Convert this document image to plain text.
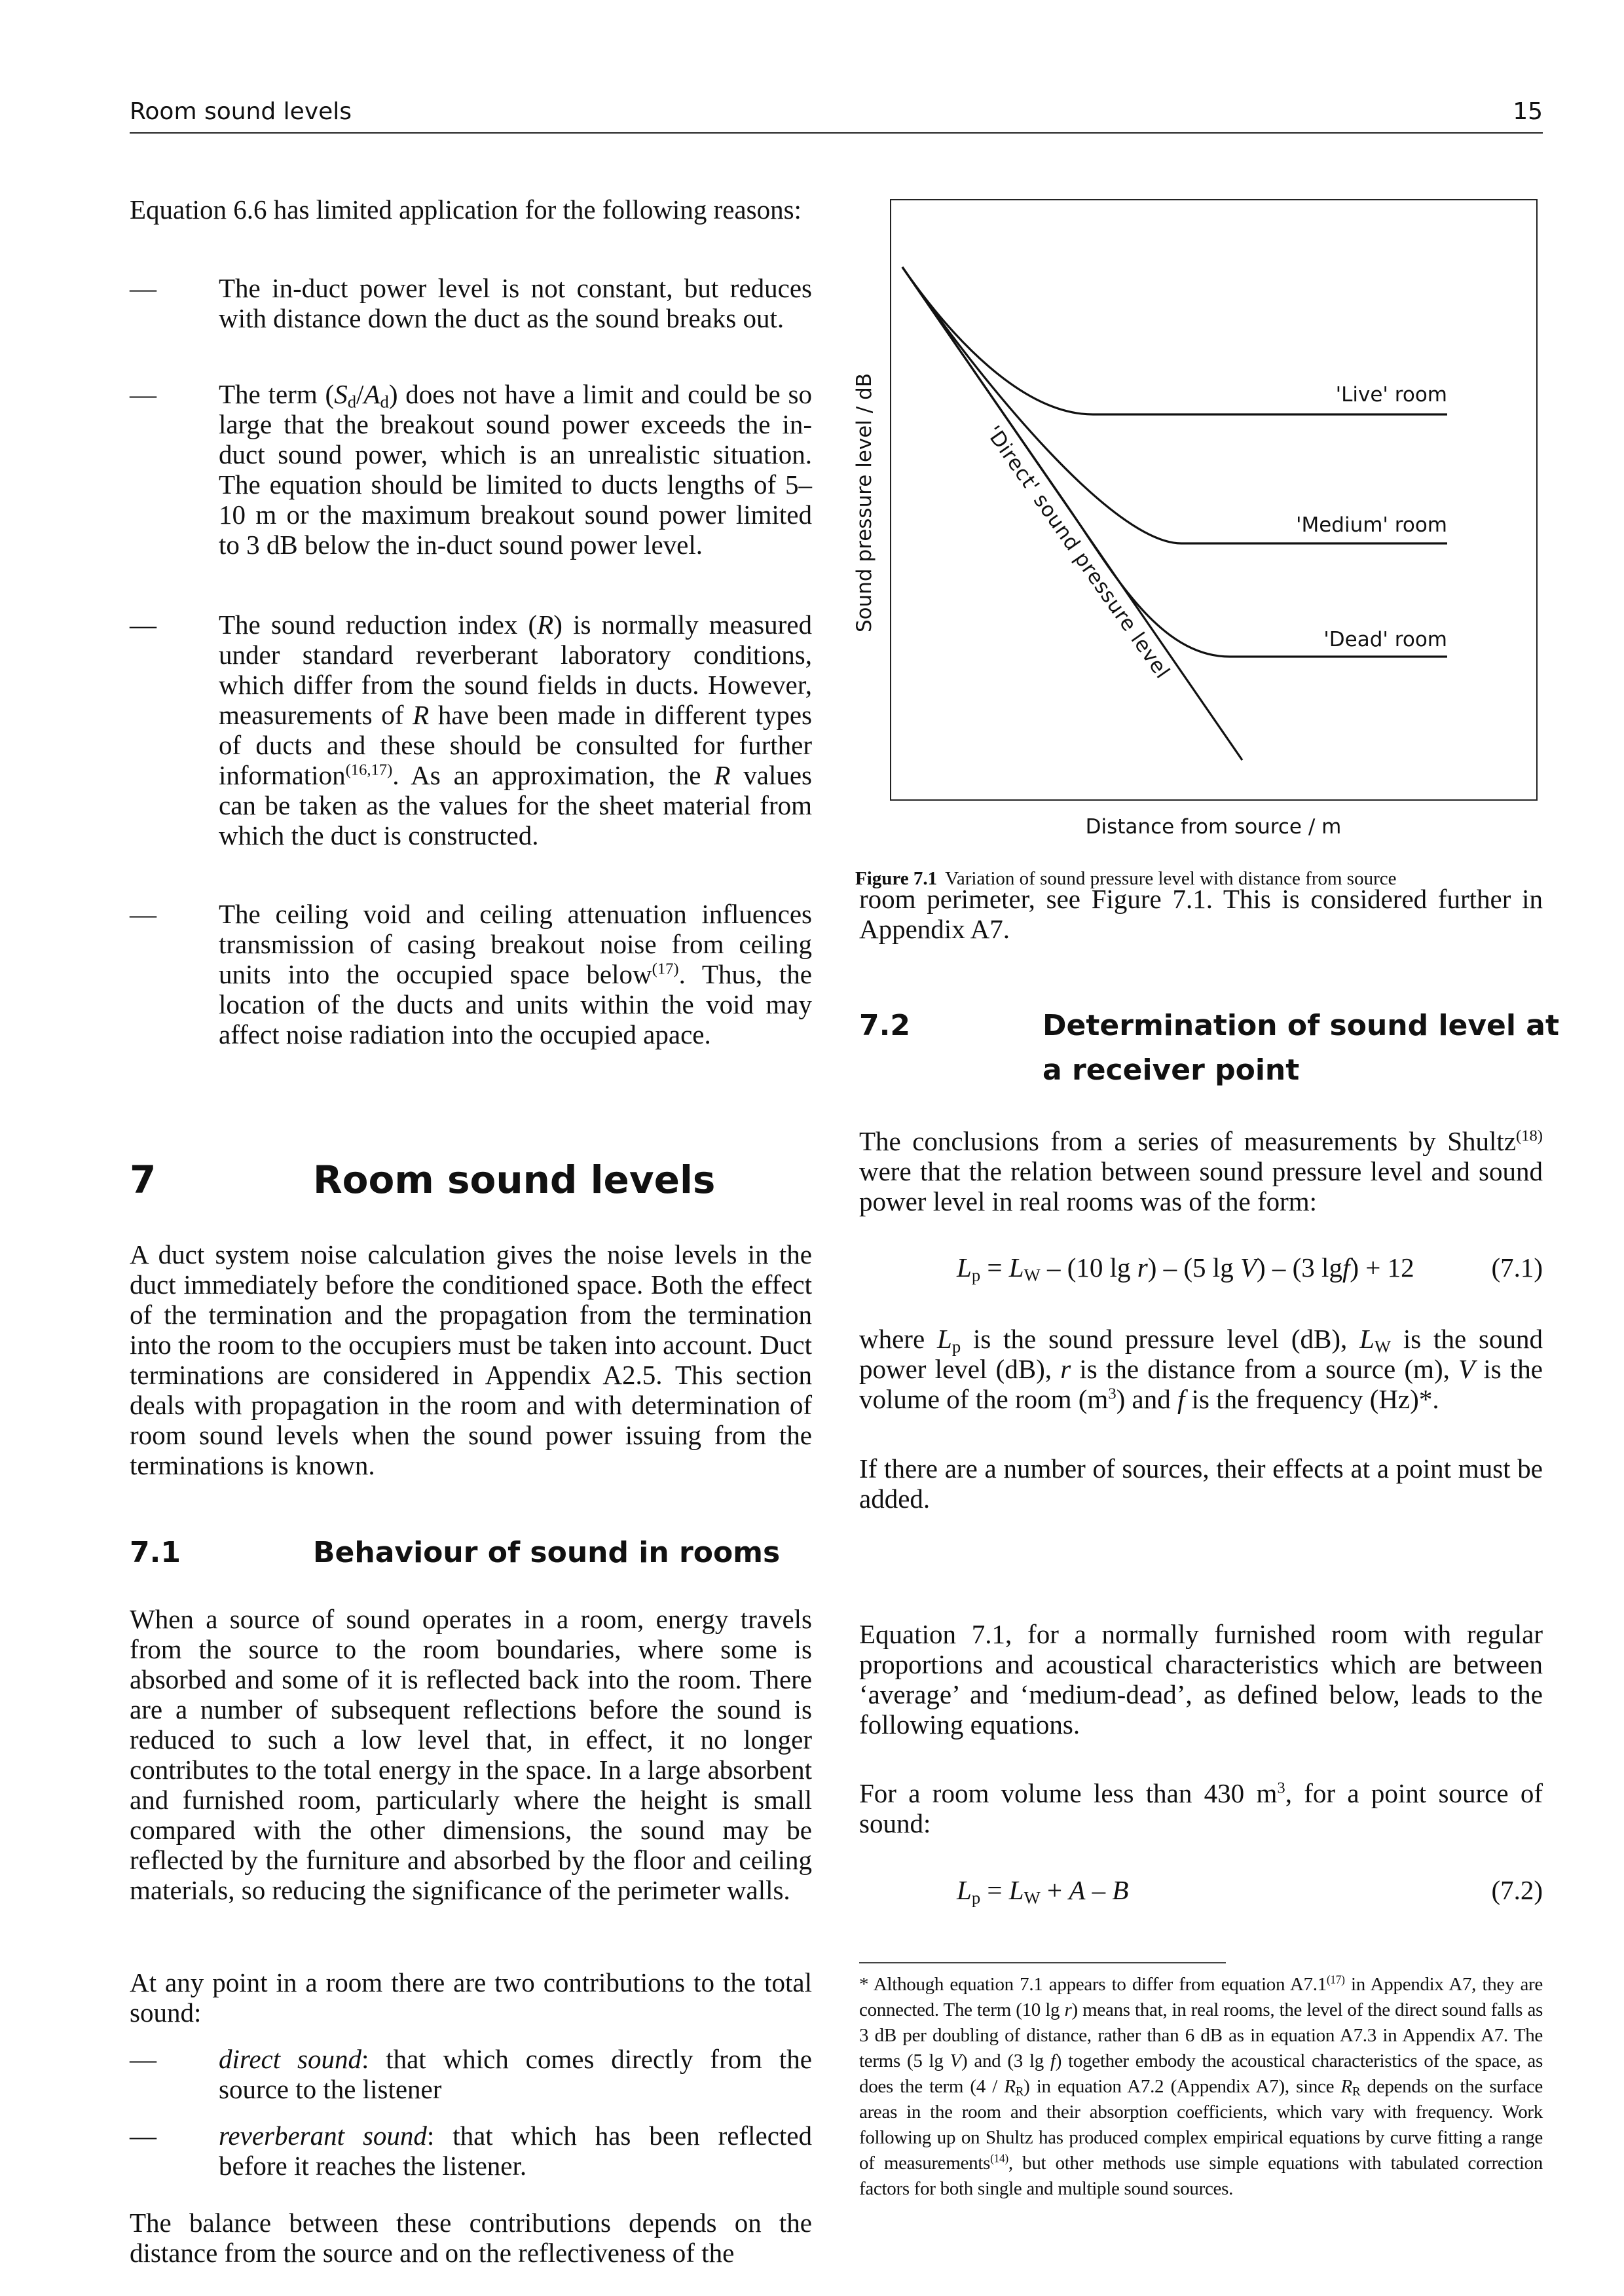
Room sound levels	15
Equation 6.6 has limited application for the following reasons:
— The in-duct power level is not constant, but reduces with distance down the duct as the sound breaks out.
— The term $(S_d/A_d)$ does not have a limit and could be so large that the breakout sound power exceeds the in-duct sound power, which is an unrealistic situation. The equation should be limited to ducts lengths of 5–10 m or the maximum breakout sound power limited to 3 dB below the in-duct sound power level.
— The sound reduction index (R) is normally measured under standard reverberant laboratory conditions, which differ from the sound fields in ducts. However, measurements of R have been made in different types of ducts and these should be consulted for further information$^{(16,17)}$. As an approximation, the R values can be taken as the values for the sheet material from which the duct is constructed.
— The ceiling void and ceiling attenuation influences transmission of casing breakout noise from ceiling units into the occupied space below$^{(17)}$. Thus, the location of the ducts and units within the void may affect noise radiation into the occupied apace.
7	Room sound levels
A duct system noise calculation gives the noise levels in the duct immediately before the conditioned space. Both the effect of the termination and the propagation from the termination into the room to the occupiers must be taken into account. Duct terminations are considered in Appendix A2.5. This section deals with propagation in the room and with determination of room sound levels when the sound power issuing from the terminations is known.
7.1	Behaviour of sound in rooms
When a source of sound operates in a room, energy travels from the source to the room boundaries, where some is absorbed and some of it is reflected back into the room. There are a number of subsequent reflections before the sound is reduced to such a low level that, in effect, it no longer contributes to the total energy in the space. In a large absorbent and furnished room, particularly where the height is small compared with the other dimensions, the sound may be reflected by the furniture and absorbed by the floor and ceiling materials, so reducing the significance of the perimeter walls.
At any point in a room there are two contributions to the total sound:
— direct sound: that which comes directly from the source to the listener
— reverberant sound: that which has been reflected before it reaches the listener.
The balance between these contributions depends on the distance from the source and on the reflectiveness of the
'Live' room
'Medium' room
'Dead' room
'Direct' sound pressure level
Sound pressure level / dB
Distance from source / m
Figure 7.1 Variation of sound pressure level with distance from source
room perimeter, see Figure 7.1. This is considered further in Appendix A7.
7.2	Determination of sound level at
a receiver point
The conclusions from a series of measurements by Shultz$^{(18)}$ were that the relation between sound pressure level and sound power level in real rooms was of the form:
$L_p = L_W - (10$ lg r) – (5 lg V) – (3 lgf) + 12	(7.1)
where $L_p$ is the sound pressure level (dB), $L_W$ is the sound power level (dB), r is the distance from a source (m), V is the volume of the room $(m^3)$ and f is the frequency (Hz)*.
If there are a number of sources, their effects at a point must be added.
Equation 7.1, for a normally furnished room with regular proportions and acoustical characteristics which are between ‘average’ and ‘medium-dead’, as defined below, leads to the following equations.
For a room volume less than 430 $m^3$, for a point source of sound:
$L_p = L_W + A - B$	(7.2)
* Although equation 7.1 appears to differ from equation A7.1$^{(17)}$ in Appendix A7, they are connected. The term (10 lg r) means that, in real rooms, the level of the direct sound falls as 3 dB per doubling of distance, rather than 6 dB as in equation A7.3 in Appendix A7. The terms (5 lg V) and (3 lg f) together embody the acoustical characteristics of the space, as does the term $(4 / R_R)$ in equation A7.2 (Appendix A7), since $R_R$ depends on the surface areas in the room and their absorption coefficients, which vary with frequency. Work following up on Shultz has produced complex empirical equations by curve fitting a range of measurements$^{(14)}$, but other methods use simple equations with tabulated correction factors for both single and multiple sound sources.
